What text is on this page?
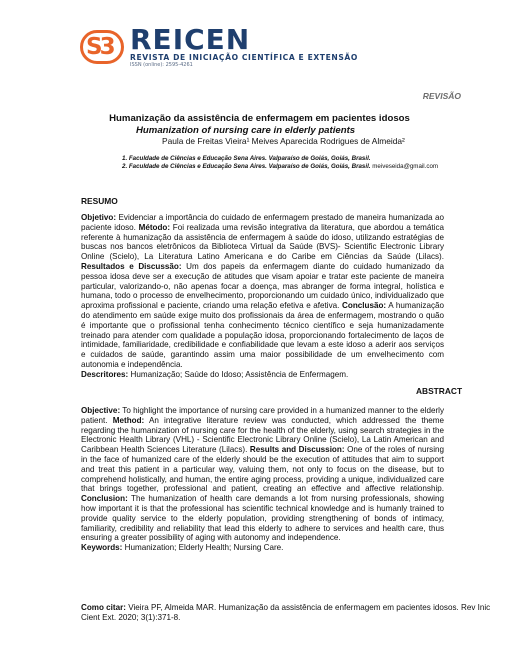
S3 REICEN
REVISTA DE INICIAÇÃO CIENTÍFICA E EXTENSÃO
ISSN (online): 2595-4261
REVISÃO
Humanização da assistência de enfermagem em pacientes idosos
Humanization of nursing care in elderly patients
Paula de Freitas Vieira¹ Meives Aparecida Rodrigues de Almeida²
1. Faculdade de Ciências e Educação Sena Aires. Valparaíso de Goiás, Goiás, Brasil.
2. Faculdade de Ciências e Educação Sena Aires. Valparaíso de Goiás, Goiás, Brasil. meiveseida@gmail.com
RESUMO
Objetivo: Evidenciar a importância do cuidado de enfermagem prestado de maneira humanizada ao paciente idoso. Método: Foi realizada uma revisão integrativa da literatura, que abordou a temática referente à humanização da assistência de enfermagem à saúde do idoso, utilizando estratégias de buscas nos bancos eletrônicos da Biblioteca Virtual da Saúde (BVS)- Scientific Electronic Library Online (Scielo), La Literatura Latino Americana e do Caribe em Ciências da Saúde (Lilacs). Resultados e Discussão: Um dos papeis da enfermagem diante do cuidado humanizado da pessoa idosa deve ser a execução de atitudes que visam apoiar e tratar este paciente de maneira particular, valorizando-o, não apenas focar a doença, mas abranger de forma integral, holística e humana, todo o processo de envelhecimento, proporcionando um cuidado único, individualizado que aproxima profissional e paciente, criando uma relação efetiva e afetiva. Conclusão: A humanização do atendimento em saúde exige muito dos profissionais da área de enfermagem, mostrando o quão é importante que o profissional tenha conhecimento técnico científico e seja humanizadamente treinado para atender com qualidade a população idosa, proporcionando fortalecimento de laços de intimidade, familiaridade, credibilidade e confiabilidade que levam a este idoso a aderir aos serviços e cuidados de saúde, garantindo assim uma maior possibilidade de um envelhecimento com autonomia e independência.
Descritores: Humanização; Saúde do Idoso; Assistência de Enfermagem.
ABSTRACT
Objective: To highlight the importance of nursing care provided in a humanized manner to the elderly patient. Method: An integrative literature review was conducted, which addressed the theme regarding the humanization of nursing care for the health of the elderly, using search strategies in the Electronic Health Library (VHL) - Scientific Electronic Library Online (Scielo), La Latin American and Caribbean Health Sciences Literature (Lilacs). Results and Discussion: One of the roles of nursing in the face of humanized care of the elderly should be the execution of attitudes that aim to support and treat this patient in a particular way, valuing them, not only to focus on the disease, but to comprehend holistically, and human, the entire aging process, providing a unique, individualized care that brings together, professional and patient, creating an effective and affective relationship. Conclusion: The humanization of health care demands a lot from nursing professionals, showing how important it is that the professional has scientific technical knowledge and is humanly trained to provide quality service to the elderly population, providing strengthening of bonds of intimacy, familiarity, credibility and reliability that lead this elderly to adhere to services and health care, thus ensuring a greater possibility of aging with autonomy and independence.
Keywords: Humanization; Elderly Health; Nursing Care.
Como citar: Vieira PF, Almeida MAR. Humanização da assistência de enfermagem em pacientes idosos. Rev Inic Cient Ext. 2020; 3(1):371-8.
